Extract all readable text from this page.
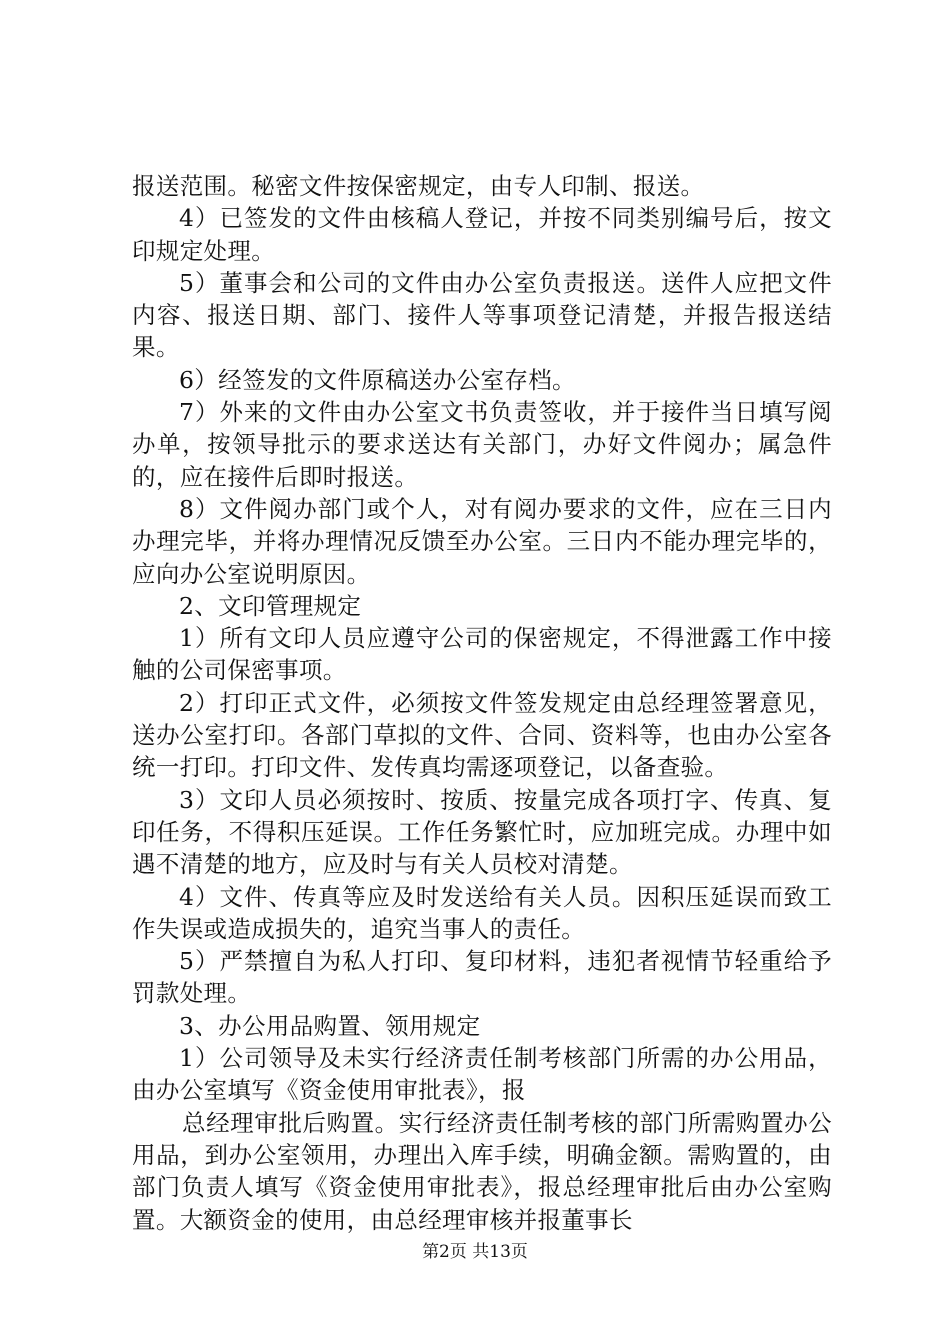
报送范围。秘密文件按保密规定，由专人印制、报送。

4）已签发的文件由核稿人登记，并按不同类别编号后，按文印规定处理。

5）董事会和公司的文件由办公室负责报送。送件人应把文件内容、报送日期、部门、接件人等事项登记清楚，并报告报送结果。

6）经签发的文件原稿送办公室存档。

7）外来的文件由办公室文书负责签收，并于接件当日填写阅办单，按领导批示的要求送达有关部门，办好文件阅办；属急件的，应在接件后即时报送。

8）文件阅办部门或个人，对有阅办要求的文件，应在三日内办理完毕，并将办理情况反馈至办公室。三日内不能办理完毕的，应向办公室说明原因。

2、文印管理规定

1）所有文印人员应遵守公司的保密规定，不得泄露工作中接触的公司保密事项。

2）打印正式文件，必须按文件签发规定由总经理签署意见，送办公室打印。各部门草拟的文件、合同、资料等，也由办公室各统一打印。打印文件、发传真均需逐项登记，以备查验。

3）文印人员必须按时、按质、按量完成各项打字、传真、复印任务，不得积压延误。工作任务繁忙时，应加班完成。办理中如遇不清楚的地方，应及时与有关人员校对清楚。

4）文件、传真等应及时发送给有关人员。因积压延误而致工作失误或造成损失的，追究当事人的责任。

5）严禁擅自为私人打印、复印材料，违犯者视情节轻重给予罚款处理。

3、办公用品购置、领用规定

1）公司领导及未实行经济责任制考核部门所需的办公用品，由办公室填写《资金使用审批表》，报

总经理审批后购置。实行经济责任制考核的部门所需购置办公用品，到办公室领用，办理出入库手续，明确金额。需购置的，由部门负责人填写《资金使用审批表》，报总经理审批后由办公室购置。大额资金的使用，由总经理审核并报董事长

第2页 共13页
